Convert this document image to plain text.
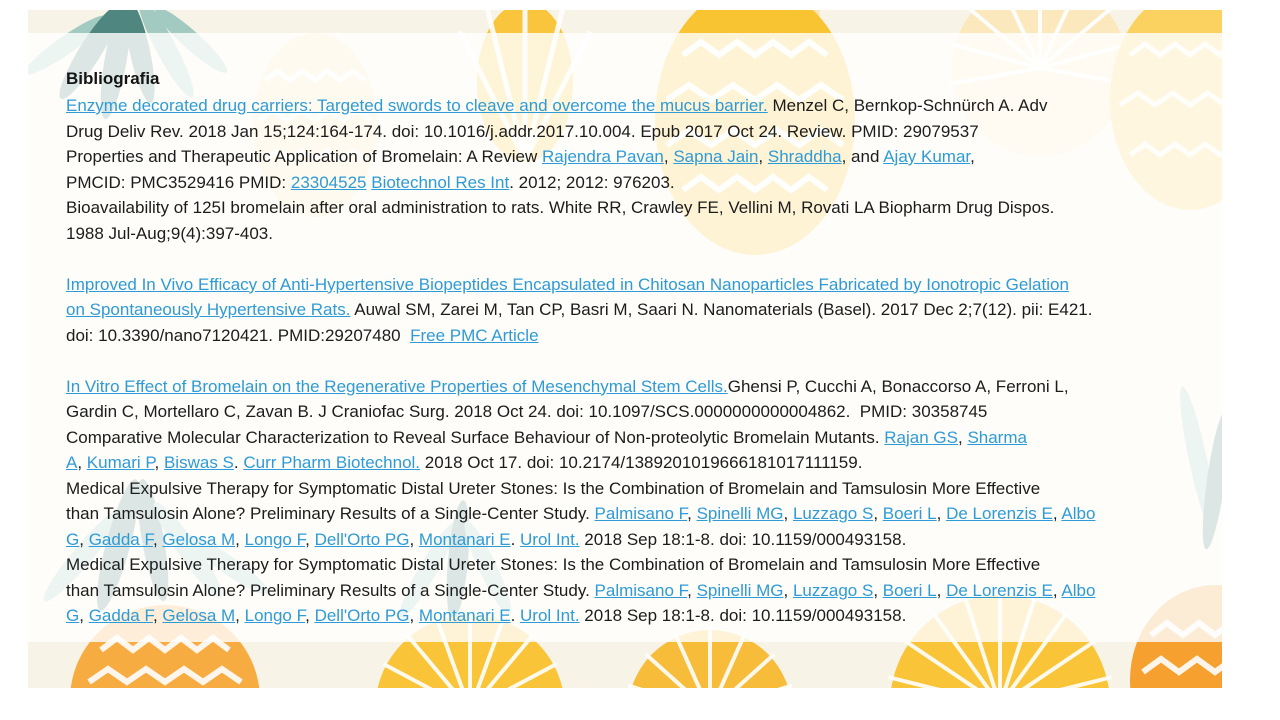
Bibliografia
Enzyme decorated drug carriers: Targeted swords to cleave and overcome the mucus barrier. Menzel C, Bernkop-Schnürch A. Adv
Drug Deliv Rev. 2018 Jan 15;124:164-174. doi: 10.1016/j.addr.2017.10.004. Epub 2017 Oct 24. Review. PMID: 29079537
Properties and Therapeutic Application of Bromelain: A Review Rajendra Pavan, Sapna Jain, Shraddha, and Ajay Kumar,
PMCID: PMC3529416 PMID: 23304525 Biotechnol Res Int. 2012; 2012: 976203.
Bioavailability of 125I bromelain after oral administration to rats. White RR, Crawley FE, Vellini M, Rovati LA Biopharm Drug Dispos.
1988 Jul-Aug;9(4):397-403.
Improved In Vivo Efficacy of Anti-Hypertensive Biopeptides Encapsulated in Chitosan Nanoparticles Fabricated by Ionotropic Gelation
on Spontaneously Hypertensive Rats. Auwal SM, Zarei M, Tan CP, Basri M, Saari N. Nanomaterials (Basel). 2017 Dec 2;7(12). pii: E421.
doi: 10.3390/nano7120421. PMID:29207480  Free PMC Article
In Vitro Effect of Bromelain on the Regenerative Properties of Mesenchymal Stem Cells.Ghensi P, Cucchi A, Bonaccorso A, Ferroni L,
Gardin C, Mortellaro C, Zavan B. J Craniofac Surg. 2018 Oct 24. doi: 10.1097/SCS.0000000000004862.  PMID: 30358745
Comparative Molecular Characterization to Reveal Surface Behaviour of Non-proteolytic Bromelain Mutants. Rajan GS, Sharma
A, Kumari P, Biswas S. Curr Pharm Biotechnol. 2018 Oct 17. doi: 10.2174/1389201019666181017111159.
Medical Expulsive Therapy for Symptomatic Distal Ureter Stones: Is the Combination of Bromelain and Tamsulosin More Effective
than Tamsulosin Alone? Preliminary Results of a Single-Center Study. Palmisano F, Spinelli MG, Luzzago S, Boeri L, De Lorenzis E, Albo
G, Gadda F, Gelosa M, Longo F, Dell'Orto PG, Montanari E. Urol Int. 2018 Sep 18:1-8. doi: 10.1159/000493158.
Medical Expulsive Therapy for Symptomatic Distal Ureter Stones: Is the Combination of Bromelain and Tamsulosin More Effective
than Tamsulosin Alone? Preliminary Results of a Single-Center Study. Palmisano F, Spinelli MG, Luzzago S, Boeri L, De Lorenzis E, Albo
G, Gadda F, Gelosa M, Longo F, Dell'Orto PG, Montanari E. Urol Int. 2018 Sep 18:1-8. doi: 10.1159/000493158.
